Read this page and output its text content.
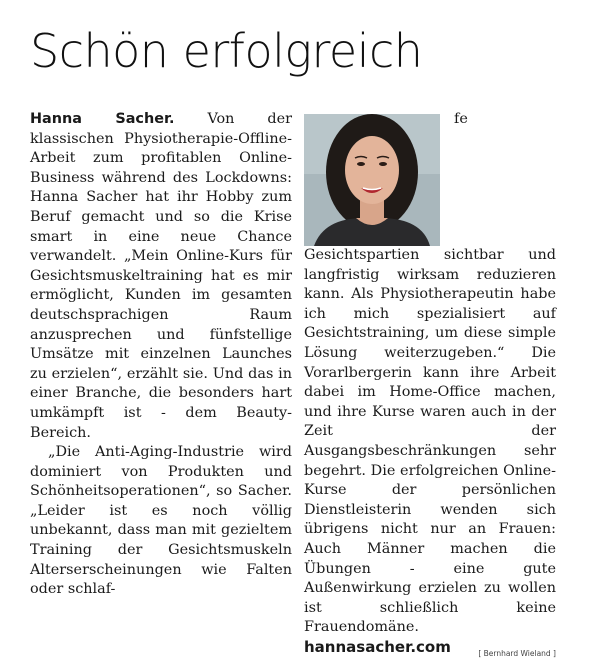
Schön erfolgreich

Hanna Sacher. Von der klassischen Physiotherapie-Offline-Arbeit zum profitablen Online-Business während des Lockdowns: Hanna Sacher hat ihr Hobby zum Beruf gemacht und so die Krise smart in eine neue Chance verwandelt. „Mein Online-Kurs für Gesichtsmuskeltraining hat es mir ermöglicht, Kunden im gesamten deutschsprachigen Raum anzusprechen und fünfstellige Umsätze mit einzelnen Launches zu erzielen“, erzählt sie. Und das in einer Branche, die besonders hart umkämpft ist - dem Beauty-Bereich.

„Die Anti-Aging-Industrie wird dominiert von Produkten und Schönheitsoperationen“, so Sacher. „Leider ist es noch völlig unbekannt, dass man mit gezieltem Training der Gesichtsmuskeln Alterserscheinungen wie Falten oder schlaf-

fe Gesichtspartien sichtbar und langfristig wirksam reduzieren kann. Als Physiotherapeutin habe ich mich spezialisiert auf Gesichtstraining, um diese simple Lösung weiterzugeben.“ Die Vorarlbergerin kann ihre Arbeit dabei im Home-Office machen, und ihre Kurse waren auch in der Zeit der Ausgangsbeschränkungen sehr begehrt. Die erfolgreichen Online-Kurse der persönlichen Dienstleisterin wenden sich übrigens nicht nur an Frauen: Auch Männer machen die Übungen - eine gute Außenwirkung erzielen zu wollen ist schließlich keine Frauendomäne.

[ Bernhard Wieland ]
hannasacher.com
